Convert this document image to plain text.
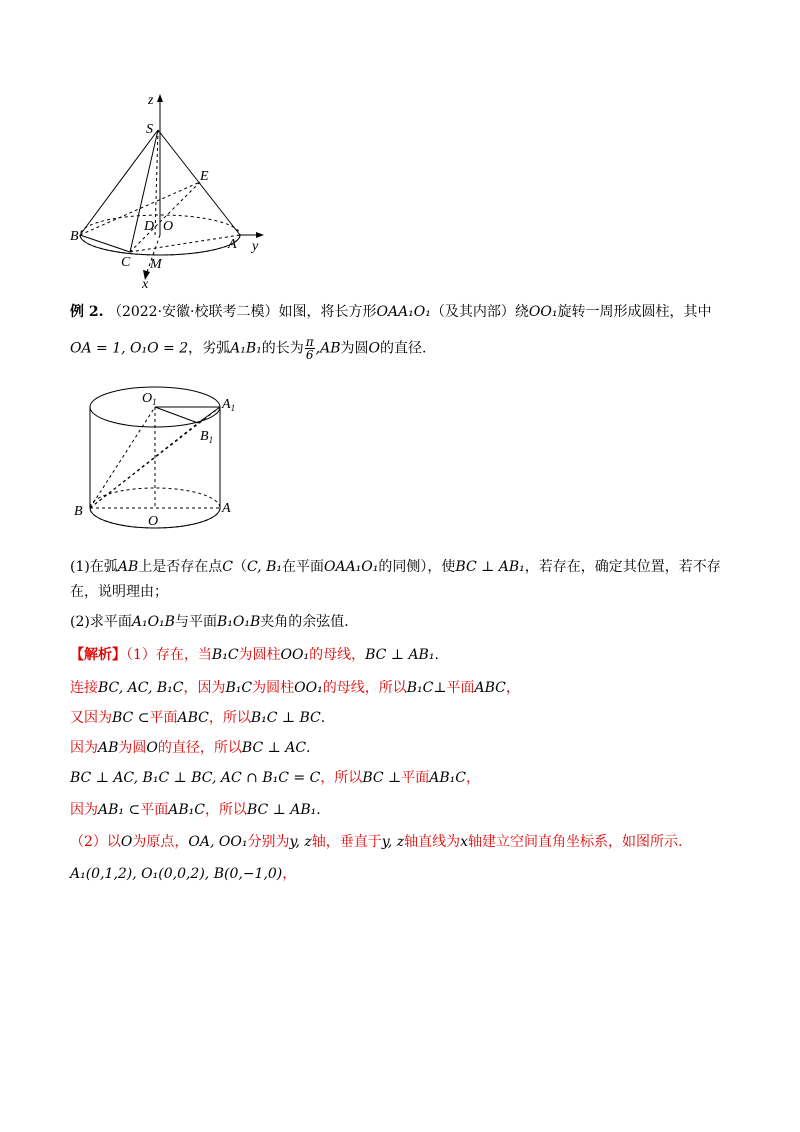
z
S
E
B
D O
A y
C M
x
例 2. （2022·安徽·校联考二模）如图，将长方形OAA₁O₁（及其内部）绕OO₁旋转一周形成圆柱，其中
OA = 1, O₁O = 2，劣弧A₁B₁的长为 $\frac{\pi}{6} ,AB$为圆O的直径.
$O_1$	$A_1$
$B_1$
B
O
A
(1)在弧AB上是否存在点C（C, B₁在平面OAA₁O₁的同侧），使BC ⊥ AB₁，若存在，确定其位置，若不存
在，说明理由；
(2)求平面A₁O₁B与平面B₁O₁B夹角的余弦值.
【解析】（1）存在，当B₁C为圆柱OO₁的母线，BC ⊥ AB₁.
连接BC, AC, B₁C，因为B₁C为圆柱OO₁的母线，所以B₁C⊥平面ABC，
又因为BC ⊂平面ABC，所以B₁C ⊥ BC.
因为AB为圆O的直径，所以BC ⊥ AC.
BC ⊥ AC, B₁C ⊥ BC, AC ∩ B₁C = C，所以BC ⊥平面AB₁C，
因为AB₁ ⊂平面AB₁C，所以BC ⊥ AB₁.
（2）以O为原点，OA, OO₁分别为y, z轴，垂直于y, z轴直线为x轴建立空间直角坐标系，如图所示.
A₁(0,1,2), O₁(0,0,2), B(0,−1,0)，
